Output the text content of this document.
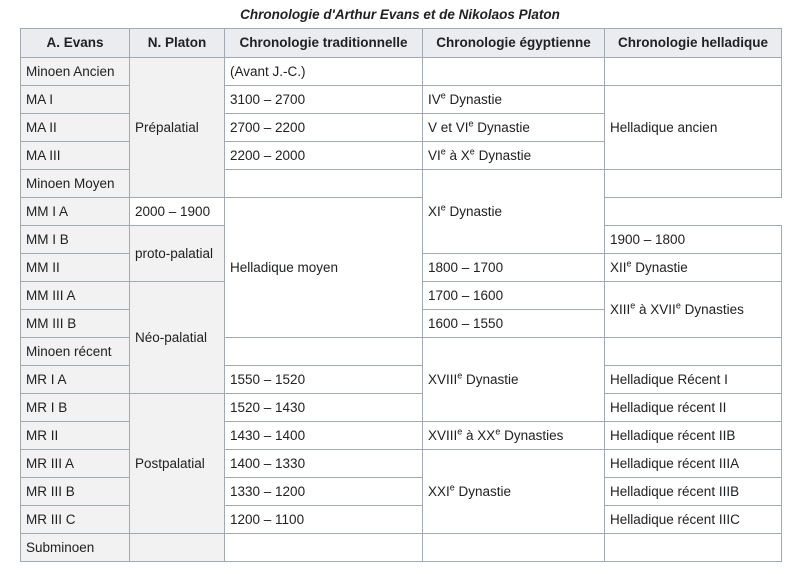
Chronologie d'Arthur Evans et de Nikolaos Platon
A. Evans	N. Platon	Chronologie traditionnelle	Chronologie égyptienne	Chronologie helladique
Minoen Ancien	Prépalatial	(Avant J.-C.)		
MA I		3100 – 2700	IVe Dynastie	Helladique ancien
MA II		2700 – 2200	V et VIe Dynastie	
MA III		2200 – 2000	VIe à Xe Dynastie	
Minoen Moyen			XIe Dynastie	
MM I A	2000 – 1900	Helladique moyen		
MM I B	proto-palatial			1900 – 1800
MM II			1800 – 1700	XIIe Dynastie
MM III A	Néo-palatial		1700 – 1600	XIIIe à XVIIe Dynasties
MM III B			1600 – 1550	
Minoen récent			XVIIIe Dynastie	
MR I A		1550 – 1520		Helladique Récent I
MR I B	Postpalatial	1520 – 1430		Helladique récent II
MR II		1430 – 1400	XVIIIe à XXe Dynasties	Helladique récent IIB
MR III A		1400 – 1330	XXIe Dynastie	Helladique récent IIIA
MR III B		1330 – 1200		Helladique récent IIIB
MR III C		1200 – 1100		Helladique récent IIIC
Subminoen				
